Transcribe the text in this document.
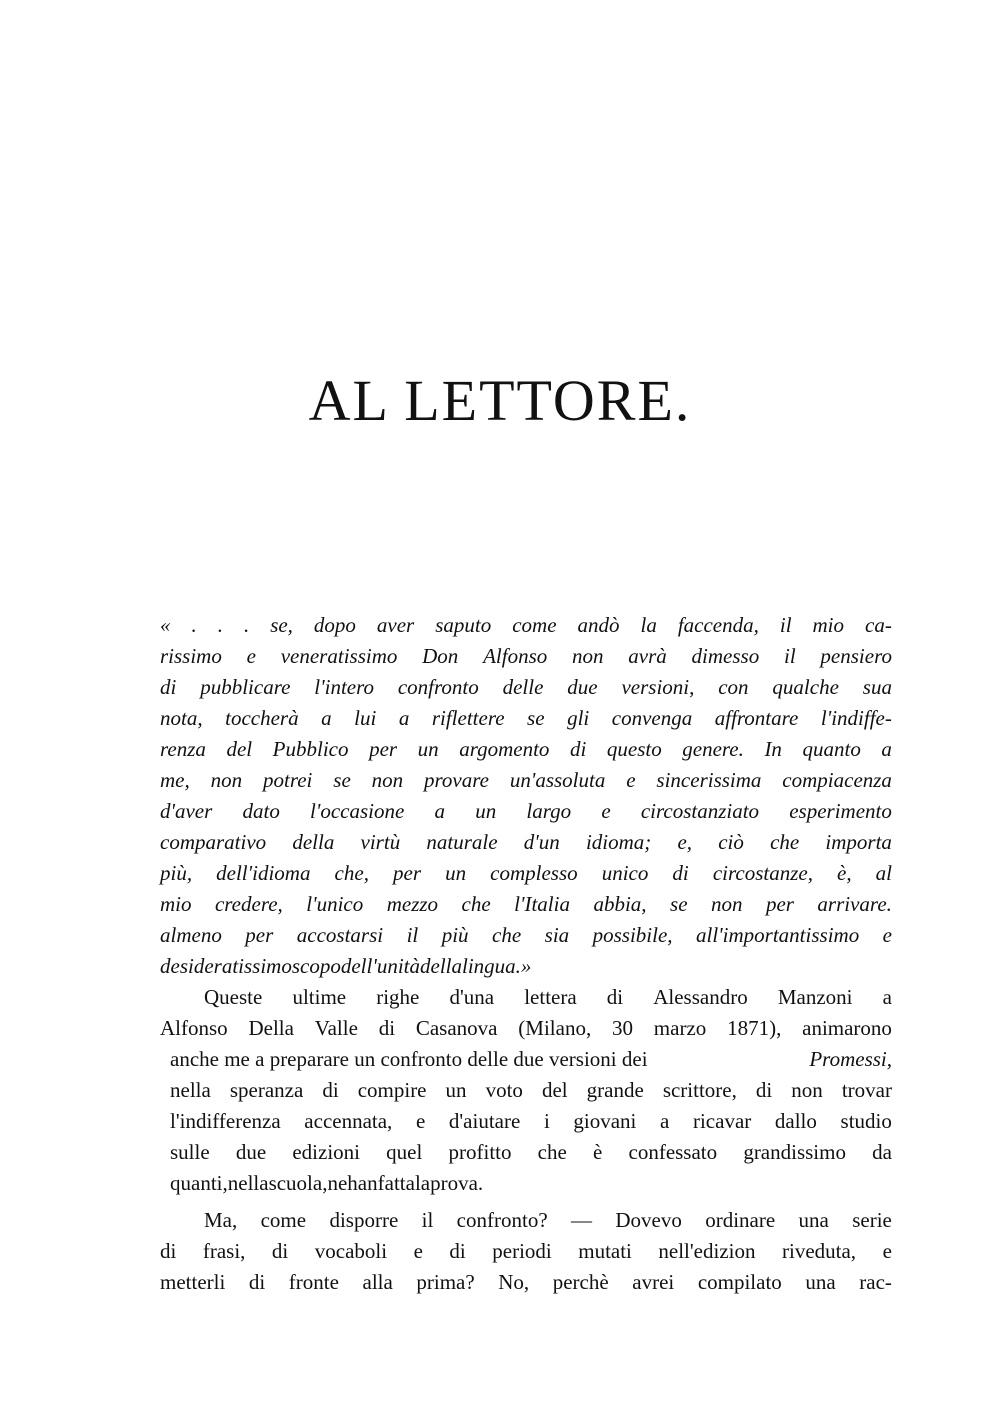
AL LETTORE.
« . . . se, dopo aver saputo come andò la faccenda, il mio ca-
rissimo e veneratissimo Don Alfonso non avrà dimesso il pensiero
di pubblicare l'intero confronto delle due versioni, con qualche sua
nota, toccherà a lui a riflettere se gli convenga affrontare l'indiffe-
renza del Pubblico per un argomento di questo genere. In quanto a
me, non potrei se non provare un'assoluta e sincerissima compiacenza
d'aver dato l'occasione a un largo e circostanziato esperimento
comparativo della virtù naturale d'un idioma; e, ciò che importa
più, dell'idioma che, per un complesso unico di circostanze, è, al
mio credere, l'unico mezzo che l'Italia abbia, se non per arrivare.
almeno per accostarsi il più che sia possibile, all'importantissimo e
desideratissimo scopo dell'unità della lingua. »
Queste ultime righe d'una lettera di Alessandro Manzoni a
Alfonso Della Valle di Casanova (Milano, 30 marzo 1871), animarono
anche me a preparare un confronto delle due versioni dei	Promessi,
nella speranza di compire un voto del grande scrittore, di non trovar
l'indifferenza accennata, e d'aiutare i giovani a ricavar dallo studio
sulle due edizioni quel profitto che è confessato grandissimo da
quanti, nella scuola, ne han fatta la prova.
Ma, come disporre il confronto? — Dovevo ordinare una serie
di frasi, di vocaboli e di periodi mutati nell'edizion riveduta, e
metterli di fronte alla prima? No, perchè avrei compilato una rac-
